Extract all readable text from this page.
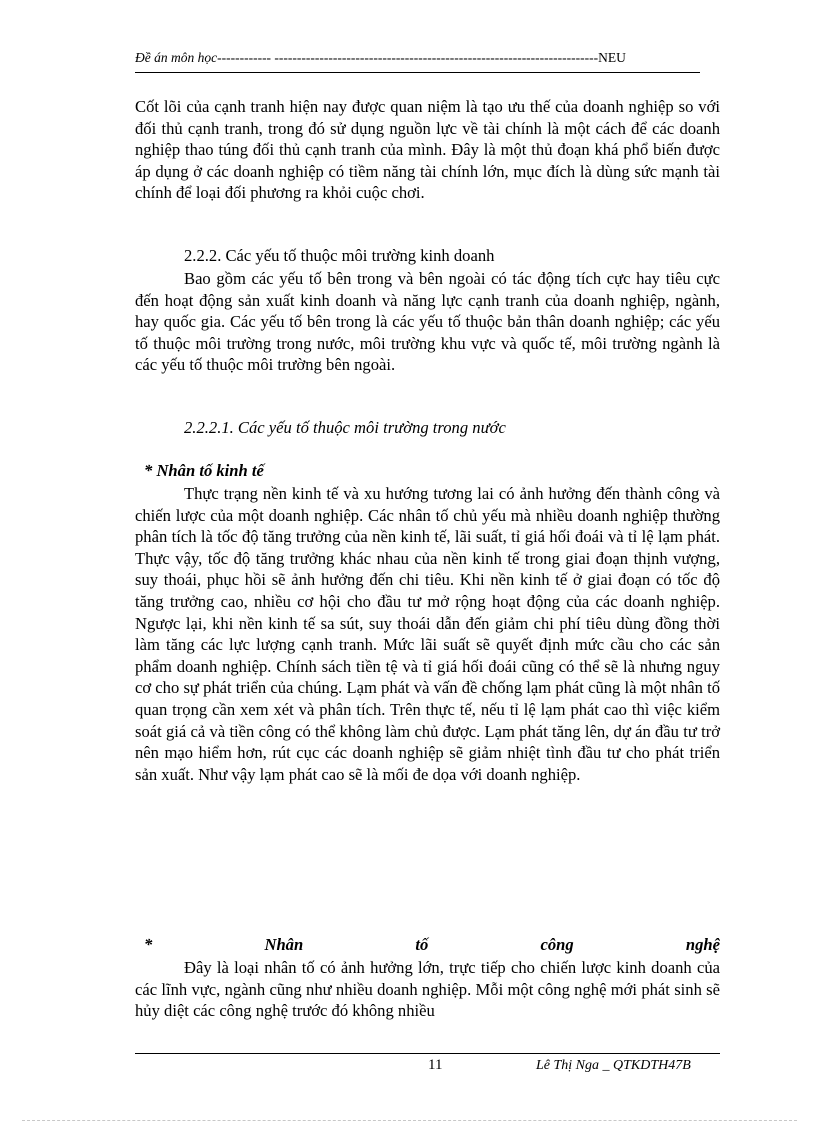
Đề án môn học------------ ------------------------------------------------------------------------NEU
Cốt lõi của cạnh tranh hiện nay được quan niệm là tạo ưu thế của doanh nghiệp so với đối thủ cạnh tranh, trong đó sử dụng nguồn lực về tài chính là một cách để các doanh nghiệp thao túng đối thủ cạnh tranh của mình. Đây là một thủ đoạn khá phổ biến được áp dụng ở các doanh nghiệp có tiềm năng tài chính lớn, mục đích là dùng sức mạnh tài chính để loại đối phương ra khỏi cuộc chơi.
2.2.2. Các yếu tố thuộc môi trường kinh doanh
Bao gồm các yếu tố bên trong và bên ngoài có tác động tích cực hay tiêu cực đến hoạt động sản xuất kinh doanh và năng lực cạnh tranh của doanh nghiệp, ngành, hay quốc gia. Các yếu tố bên trong là các yếu tố thuộc bản thân doanh nghiệp; các yếu tố thuộc môi trường trong nước, môi trường khu vực và quốc tế, môi trường ngành là các yếu tố thuộc môi trường bên ngoài.
2.2.2.1. Các yếu tố thuộc môi trường trong nước
* Nhân tố kinh tế
Thực trạng nền kinh tế và xu hướng tương lai có ảnh hưởng đến thành công và chiến lược của một doanh nghiệp. Các nhân tố chủ yếu mà nhiều doanh nghiệp thường phân tích là tốc độ tăng trưởng của nền kinh tế, lãi suất, tỉ giá hối đoái và tỉ lệ lạm phát. Thực vậy, tốc độ tăng trưởng khác nhau của nền kinh tế trong giai đoạn thịnh vượng, suy thoái, phục hồi sẽ ảnh hưởng đến chi tiêu. Khi nền kinh tế ở giai đoạn có tốc độ tăng trưởng cao, nhiều cơ hội cho đầu tư mở rộng hoạt động của các doanh nghiệp. Ngược lại, khi nền kinh tế sa sút, suy thoái dẫn đến giảm chi phí tiêu dùng đồng thời làm tăng các lực lượng cạnh tranh. Mức lãi suất sẽ quyết định mức cầu cho các sản phẩm doanh nghiệp. Chính sách tiền tệ và tỉ giá hối đoái cũng có thể sẽ là nhưng nguy cơ cho sự phát triển của chúng. Lạm phát và vấn đề chống lạm phát cũng là một nhân tố quan trọng cần xem xét và phân tích. Trên thực tế, nếu tỉ lệ lạm phát cao thì việc kiểm soát giá cả và tiền công có thể không làm chủ được. Lạm phát tăng lên, dự án đầu tư trở nên mạo hiểm hơn, rút cục các doanh nghiệp sẽ giảm nhiệt tình đầu tư cho phát triển sản xuất. Như vậy lạm phát cao sẽ là mối đe dọa với doanh nghiệp.
*	Nhân	tố	công	nghệ
Đây là loại nhân tố có ảnh hưởng lớn, trực tiếp cho chiến lược kinh doanh của các lĩnh vực, ngành cũng như nhiều doanh nghiệp. Mỗi một công nghệ mới phát sinh sẽ hủy diệt các công nghệ trước đó không nhiều
11	Lê Thị Nga _ QTKDTH47B
